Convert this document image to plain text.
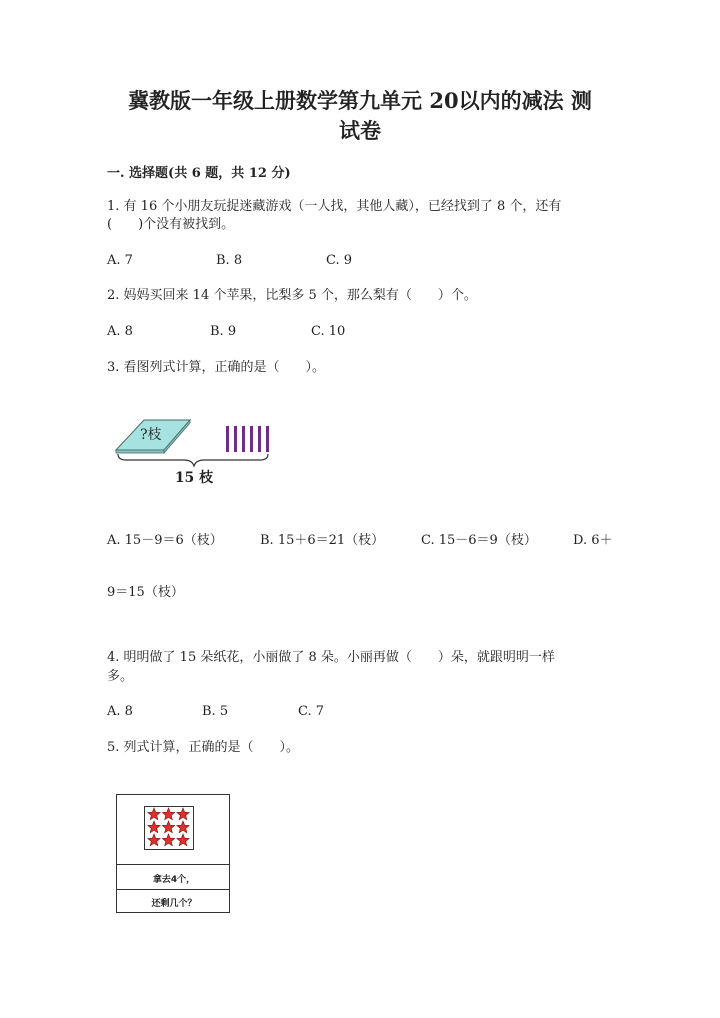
冀教版一年级上册数学第九单元 20以内的减法 测
试卷
一. 选择题(共 6 题，共 12 分)
1. 有 16 个小朋友玩捉迷藏游戏（一人找，其他人藏），已经找到了 8 个，还有
(　　)个没有被找到。
A. 7	B. 8	C. 9
2. 妈妈买回来 14 个苹果，比梨多 5 个，那么梨有（　　）个。
A. 8	B. 9	C. 10
3. 看图列式计算，正确的是（　　）。
?枝
15 枝
A. 15－9＝6（枝）	B. 15＋6＝21（枝）	C. 15－6＝9（枝）	D. 6＋
9＝15（枝）
4. 明明做了 15 朵纸花，小丽做了 8 朵。小丽再做（　　）朵，就跟明明一样
多。
A. 8	B. 5	C. 7
5. 列式计算，正确的是（　　）。
拿去4个，
还剩几个？
